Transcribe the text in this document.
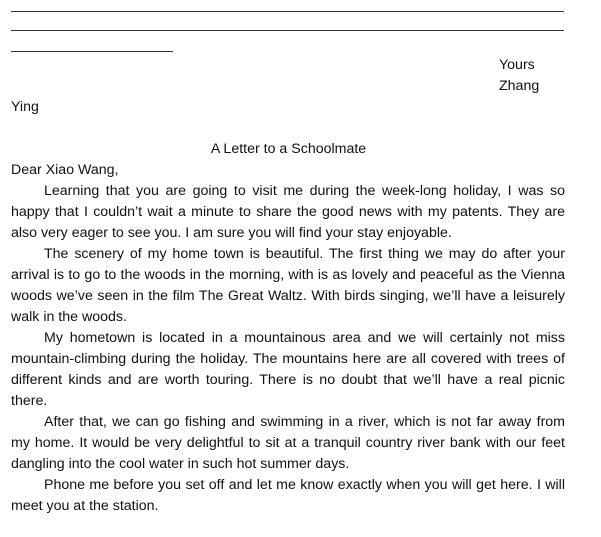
Yours
Zhang
Ying
A Letter to a Schoolmate
Dear Xiao Wang,

Learning that you are going to visit me during the week-long holiday, I was so happy that I couldn’t wait a minute to share the good news with my patents. They are also very eager to see you. I am sure you will find your stay enjoyable.

The scenery of my home town is beautiful. The first thing we may do after your arrival is to go to the woods in the morning, with is as lovely and peaceful as the Vienna woods we’ve seen in the film The Great Waltz. With birds singing, we’ll have a leisurely walk in the woods.

My hometown is located in a mountainous area and we will certainly not miss mountain-climbing during the holiday. The mountains here are all covered with trees of different kinds and are worth touring. There is no doubt that we’ll have a real picnic there.

After that, we can go fishing and swimming in a river, which is not far away from my home. It would be very delightful to sit at a tranquil country river bank with our feet dangling into the cool water in such hot summer days.

Phone me before you set off and let me know exactly when you will get here. I will meet you at the station.
